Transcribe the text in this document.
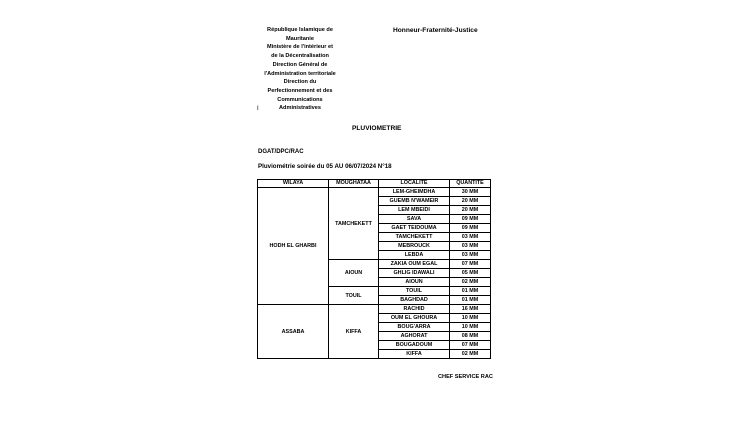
République Islamique de
Mauritanie
Ministère de l'intérieur et
de la Décentralisation
Direction Général de
l'Administration territoriale
Direction du
Perfectionnement et des
Communications
Administratives
I
Honneur-Fraternité-Justice
PLUVIOMETRIE
DGAT/DPC/RAC
Pluviométrie soirée du 05 AU 06/07/2024 N°18
WILAYA	MOUGHATAA	LOCALITE	QUANTITE
HODH EL GHARBI	TAMCHEKETT	LEM-GHEIMDHA	30 MM
		GUEMB N'WAMEIR	20 MM
		LEM MBEIDI	20 MM
		SAVA	09 MM
		GAET TEIDOUMA	09 MM
		TAMCHEKETT	03 MM
		MEBROUCK	03 MM
		LEBDA	03 MM
	AIOUN	ZAKIA OUM EGAL	07 MM
		GHLIG IDAWALI	05 MM
		AIOUN	02 MM
	TOUIL	TOUIL	01 MM
		BAGHDAD	01 MM
ASSABA	KIFFA	RACHID	16 MM
		OUM EL GHOURA	10 MM
		BOUG'ARRA	10 MM
		AGHORAT	08 MM
		BOUGADOUM	07 MM
		KIFFA	02 MM
CHEF SERVICE RAC
